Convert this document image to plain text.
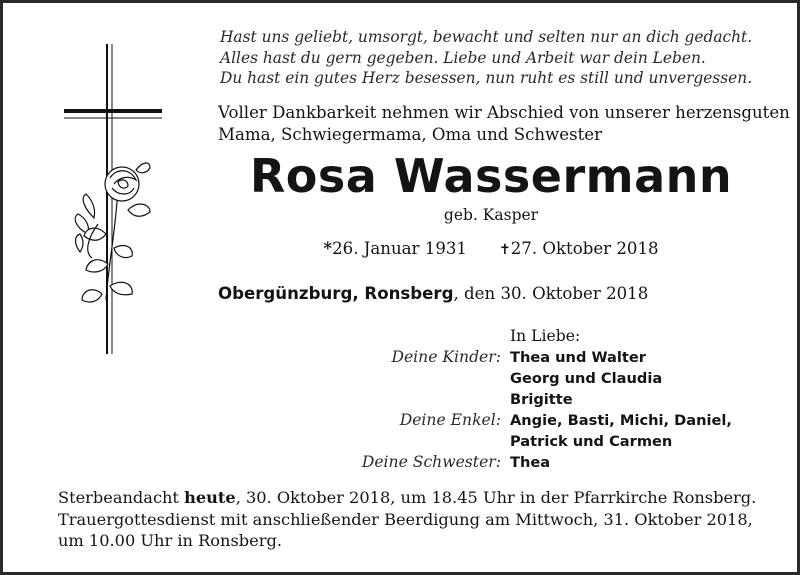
Hast uns geliebt, umsorgt, bewacht und selten nur an dich gedacht.
Alles hast du gern gegeben. Liebe und Arbeit war dein Leben.
Du hast ein gutes Herz besessen, nun ruht es still und unvergessen.
Voller Dankbarkeit nehmen wir Abschied von unserer herzensguten
Mama, Schwiegermama, Oma und Schwester
Rosa Wassermann
geb. Kasper
*26. Januar 1931 ✝27. Oktober 2018
Obergünzburg, Ronsberg, den 30. Oktober 2018
	In Liebe:
Deine Kinder:	Thea und Walter
	Georg und Claudia
	Brigitte
Deine Enkel:	Angie, Basti, Michi, Daniel,
	Patrick und Carmen
Deine Schwester:	Thea
Sterbeandacht heute, 30. Oktober 2018, um 18.45 Uhr in der Pfarrkirche Ronsberg.
Trauergottesdienst mit anschließender Beerdigung am Mittwoch, 31. Oktober 2018,
um 10.00 Uhr in Ronsberg.
